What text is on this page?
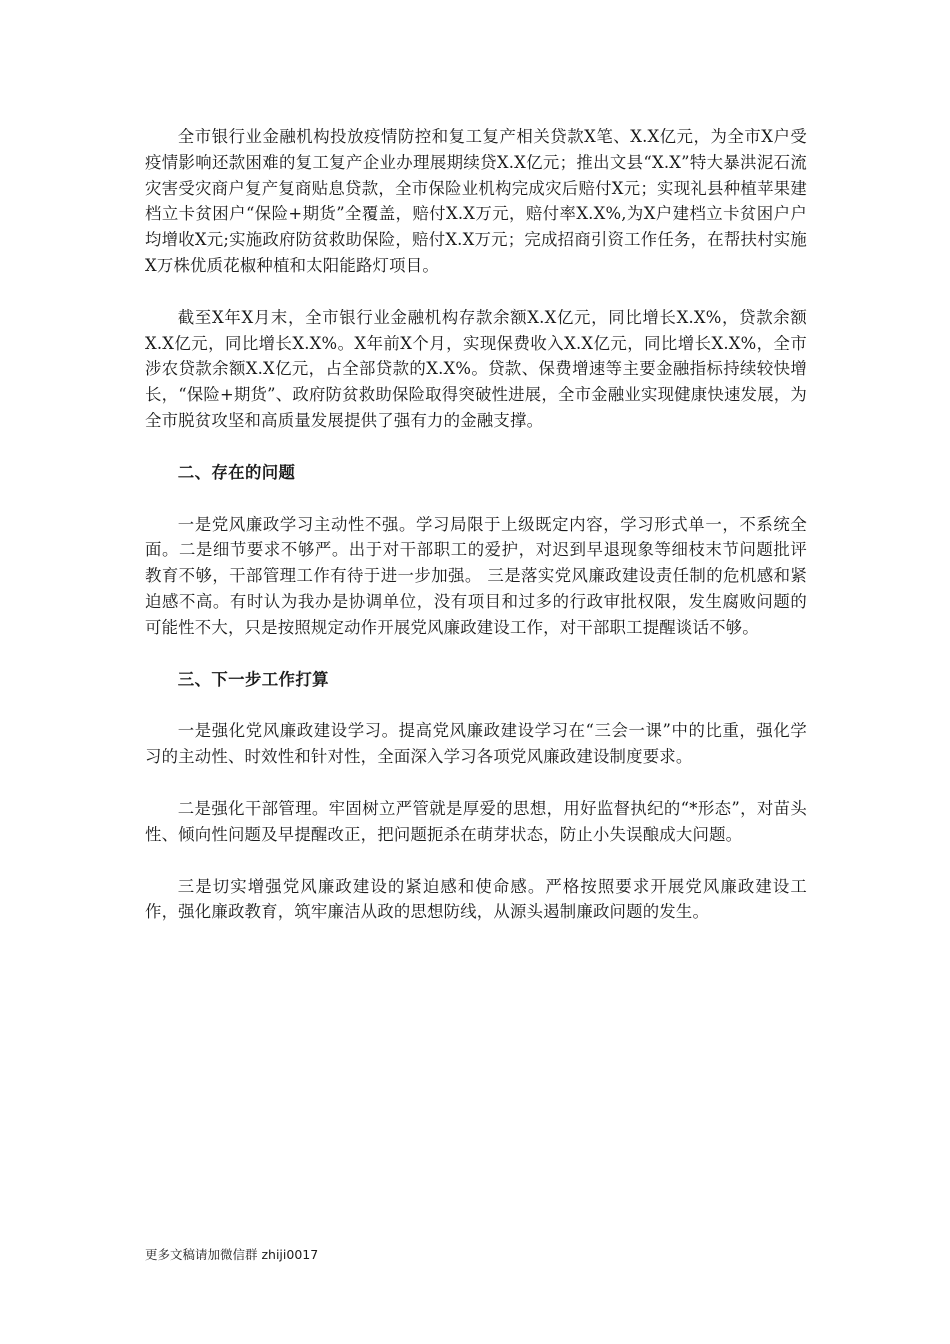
全市银行业金融机构投放疫情防控和复工复产相关贷款X笔、X.X亿元，为全市X户受疫情影响还款困难的复工复产企业办理展期续贷X.X亿元；推出文县“X.X”特大暴洪泥石流灾害受灾商户复产复商贴息贷款，全市保险业机构完成灾后赔付X元；实现礼县种植苹果建档立卡贫困户“保险+期货”全覆盖，赔付X.X万元，赔付率X.X%,为X户建档立卡贫困户户均增收X元;实施政府防贫救助保险，赔付X.X万元；完成招商引资工作任务，在帮扶村实施X万株优质花椒种植和太阳能路灯项目。

截至X年X月末，全市银行业金融机构存款余额X.X亿元，同比增长X.X%，贷款余额X.X亿元，同比增长X.X%。X年前X个月，实现保费收入X.X亿元，同比增长X.X%，全市涉农贷款余额X.X亿元，占全部贷款的X.X%。贷款、保费增速等主要金融指标持续较快增长，“保险+期货”、政府防贫救助保险取得突破性进展，全市金融业实现健康快速发展，为全市脱贫攻坚和高质量发展提供了强有力的金融支撑。

二、存在的问题

一是党风廉政学习主动性不强。学习局限于上级既定内容，学习形式单一，不系统全面。二是细节要求不够严。出于对干部职工的爱护，对迟到早退现象等细枝末节问题批评教育不够，干部管理工作有待于进一步加强。 三是落实党风廉政建设责任制的危机感和紧迫感不高。有时认为我办是协调单位，没有项目和过多的行政审批权限，发生腐败问题的可能性不大，只是按照规定动作开展党风廉政建设工作，对干部职工提醒谈话不够。

三、下一步工作打算

一是强化党风廉政建设学习。提高党风廉政建设学习在“三会一课”中的比重，强化学习的主动性、时效性和针对性，全面深入学习各项党风廉政建设制度要求。

二是强化干部管理。牢固树立严管就是厚爱的思想，用好监督执纪的“*形态”，对苗头性、倾向性问题及早提醒改正，把问题扼杀在萌芽状态，防止小失误酿成大问题。

三是切实增强党风廉政建设的紧迫感和使命感。严格按照要求开展党风廉政建设工作，强化廉政教育，筑牢廉洁从政的思想防线，从源头遏制廉政问题的发生。

更多文稿请加微信群 zhiji0017
